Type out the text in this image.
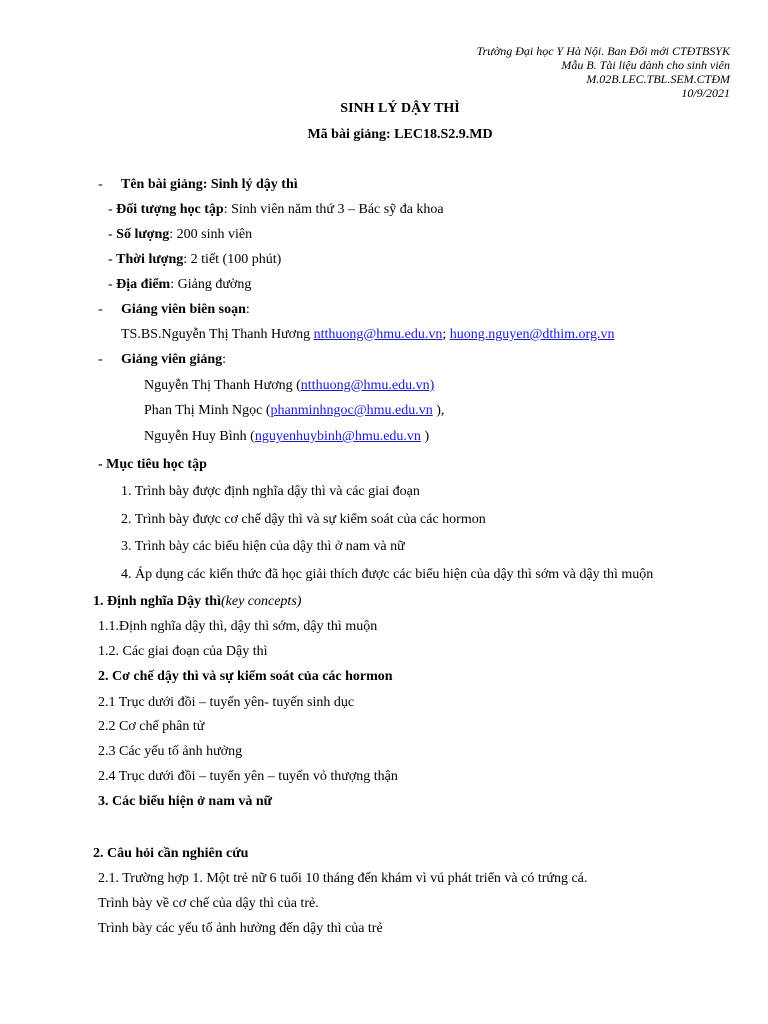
Trường Đại học Y Hà Nội. Ban Đổi mới CTĐTBSYK
Mẫu B. Tài liệu dành cho sinh viên
M.02B.LEC.TBL.SEM.CTĐM
10/9/2021
SINH LÝ DẬY THÌ
Mã bài giảng: LEC18.S2.9.MD
- Tên bài giảng: Sinh lý dậy thì
- Đối tượng học tập: Sinh viên năm thứ 3 – Bác sỹ đa khoa
- Số lượng: 200 sinh viên
- Thời lượng: 2 tiết (100 phút)
- Địa điểm: Giảng đường
- Giảng viên biên soạn:
TS.BS.Nguyễn Thị Thanh Hương ntthuong@hmu.edu.vn; huong.nguyen@dthim.org.vn
- Giảng viên giảng:
Nguyễn Thị Thanh Hương (ntthuong@hmu.edu.vn)
Phan Thị Minh Ngọc (phanminhngoc@hmu.edu.vn ),
Nguyễn Huy Bình (nguyenhuybinh@hmu.edu.vn )
- Mục tiêu học tập
1. Trình bày được định nghĩa dậy thì và các giai đoạn
2. Trình bày được cơ chế dậy thì và sự kiểm soát của các hormon
3. Trình bày các biểu hiện của dậy thì ở nam và nữ
4. Áp dụng các kiến thức đã học giải thích được các biểu hiện của dậy thì sớm và dậy thì muộn
1. Định nghĩa Dậy thì(key concepts)
1.1.Định nghĩa dậy thì, dậy thì sớm, dậy thì muộn
1.2. Các giai đoạn của Dậy thì
2. Cơ chế dậy thì và sự kiểm soát của các hormon
2.1 Trục dưới đồi – tuyến yên- tuyến sinh dục
2.2 Cơ chế phân tử
2.3 Các yếu tố ảnh hưởng
2.4 Trục dưới đồi – tuyến yên – tuyến vỏ thượng thận
3. Các biểu hiện ở nam và nữ
2. Câu hỏi cần nghiên cứu
2.1. Trường hợp 1. Một trẻ nữ 6 tuổi 10 tháng đến khám vì vú phát triển và có trứng cá.
Trình bày về cơ chế của dậy thì của trẻ.
Trình bày các yếu tố ảnh hưởng đến dậy thì của trẻ
